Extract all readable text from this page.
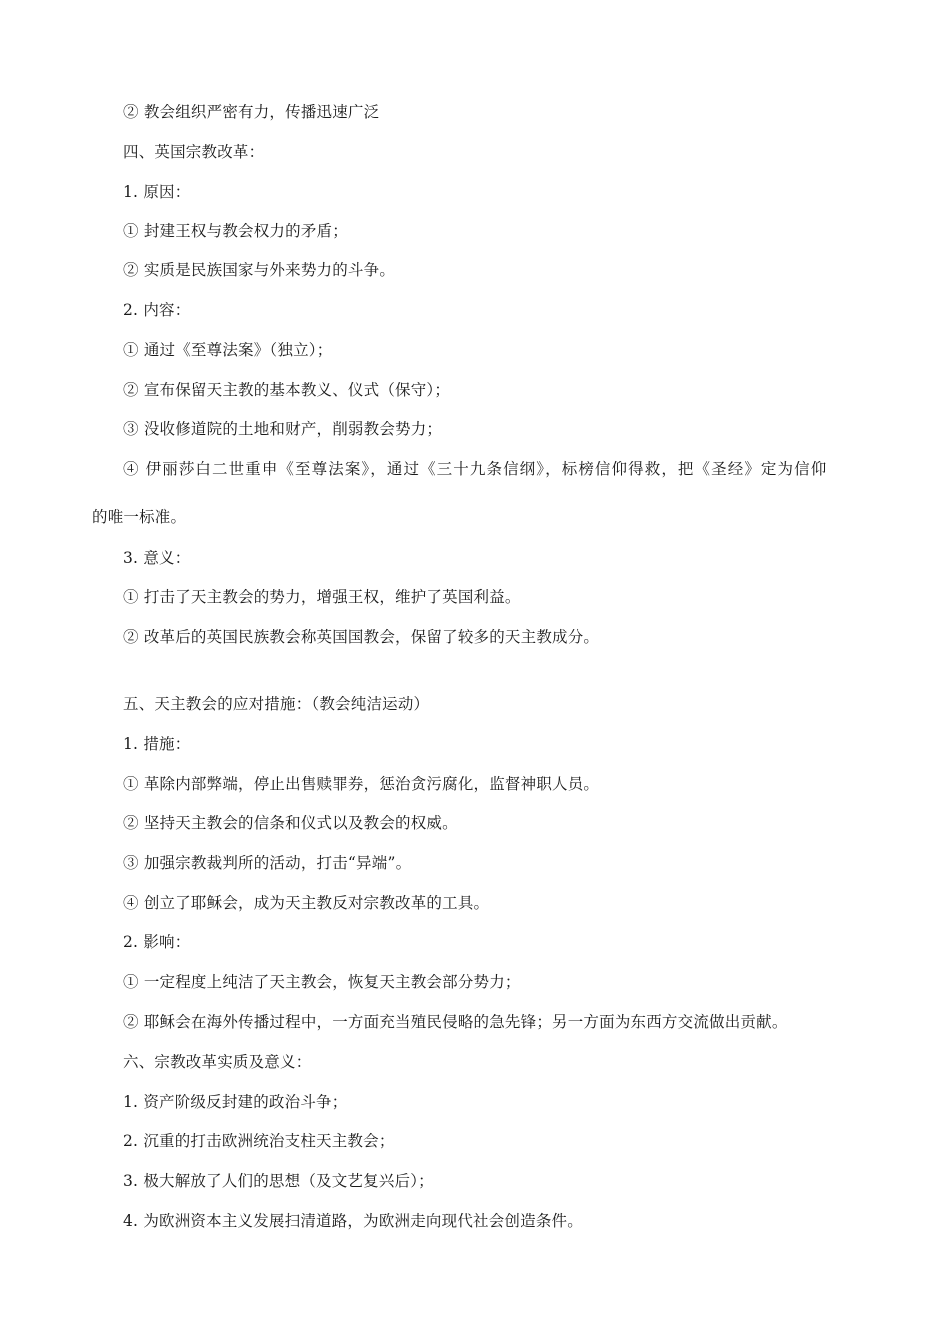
② 教会组织严密有力，传播迅速广泛
四、英国宗教改革：
1. 原因：
① 封建王权与教会权力的矛盾；
② 实质是民族国家与外来势力的斗争。
2. 内容：
① 通过《至尊法案》（独立）；
② 宣布保留天主教的基本教义、仪式（保守）；
③ 没收修道院的土地和财产，削弱教会势力；
④ 伊丽莎白二世重申《至尊法案》，通过《三十九条信纲》，标榜信仰得救，把《圣经》定为信仰
的唯一标准。
3. 意义：
① 打击了天主教会的势力，增强王权，维护了英国利益。
② 改革后的英国民族教会称英国国教会，保留了较多的天主教成分。
五、天主教会的应对措施：（教会纯洁运动）
1. 措施：
① 革除内部弊端，停止出售赎罪券，惩治贪污腐化，监督神职人员。
② 坚持天主教会的信条和仪式以及教会的权威。
③ 加强宗教裁判所的活动，打击“异端”。
④ 创立了耶稣会，成为天主教反对宗教改革的工具。
2. 影响：
① 一定程度上纯洁了天主教会，恢复天主教会部分势力；
② 耶稣会在海外传播过程中，一方面充当殖民侵略的急先锋；另一方面为东西方交流做出贡献。
六、宗教改革实质及意义：
1. 资产阶级反封建的政治斗争；
2. 沉重的打击欧洲统治支柱天主教会；
3. 极大解放了人们的思想（及文艺复兴后）；
4. 为欧洲资本主义发展扫清道路，为欧洲走向现代社会创造条件。
